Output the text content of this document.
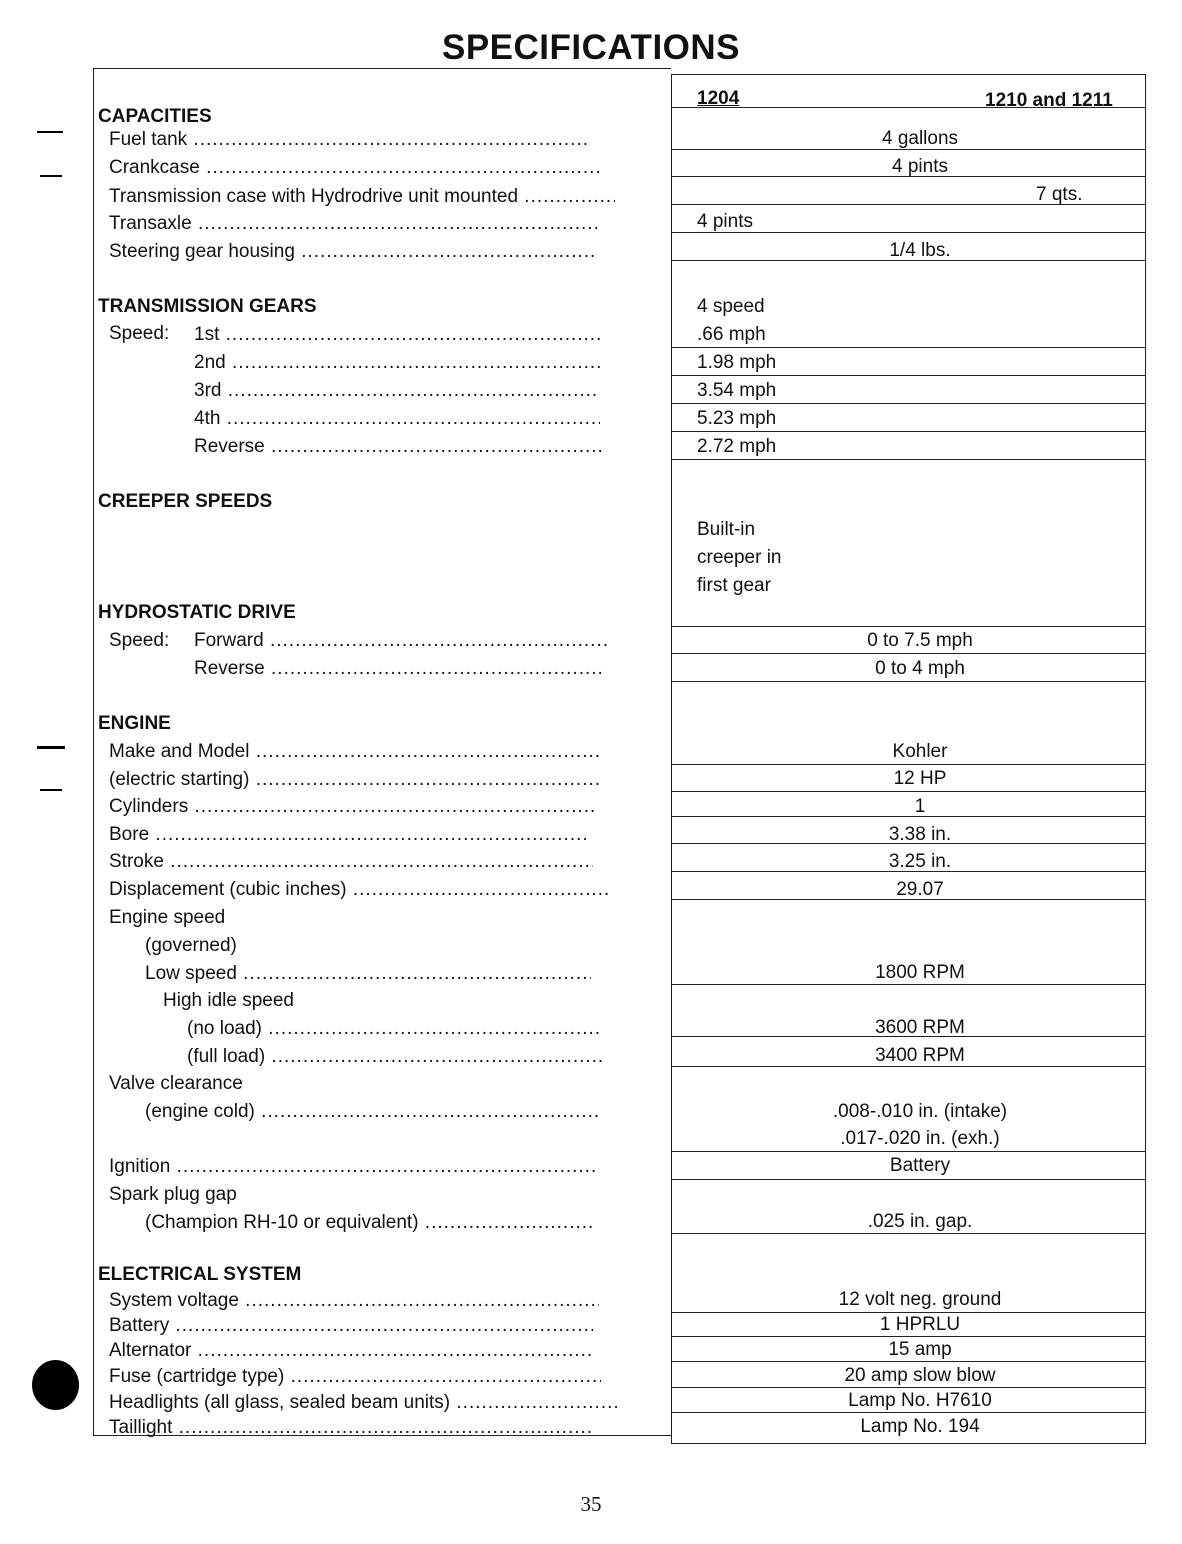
SPECIFICATIONS
1204	1210 and 1211
CAPACITIES
Fuel tank .....
Crankcase .....
Transmission case with Hydrodrive unit mounted .....
Transaxle .....
Steering gear housing .....
4 gallons
4 pints
7 qts.
4 pints
1/4 lbs.
TRANSMISSION GEARS
Speed: 1st .....
2nd .....
3rd .....
4th .....
Reverse .....
4 speed
.66 mph
1.98 mph
3.54 mph
5.23 mph
2.72 mph
CREEPER SPEEDS
Built-in
creeper in
first gear
HYDROSTATIC DRIVE
Speed: Forward .....
Reverse .....
0 to 7.5 mph
0 to 4 mph
ENGINE
Make and Model .....
(electric starting) .....
Cylinders .....
Bore .....
Stroke .....
Displacement (cubic inches) .....
Engine speed
(governed)
Low speed .....
High idle speed
(no load) .....
(full load) .....
Valve clearance
(engine cold) .....
Ignition .....
Spark plug gap
(Champion RH-10 or equivalent) .....
Kohler
12 HP
1
3.38 in.
3.25 in.
29.07
1800 RPM
3600 RPM
3400 RPM
.008-.010 in. (intake)
.017-.020 in. (exh.)
Battery
.025 in. gap.
ELECTRICAL SYSTEM
System voltage .....
Battery .....
Alternator .....
Fuse (cartridge type) .....
Headlights (all glass, sealed beam units) .....
Taillight .....
12 volt neg. ground
1 HPRLU
15 amp
20 amp slow blow
Lamp No. H7610
Lamp No. 194
35
